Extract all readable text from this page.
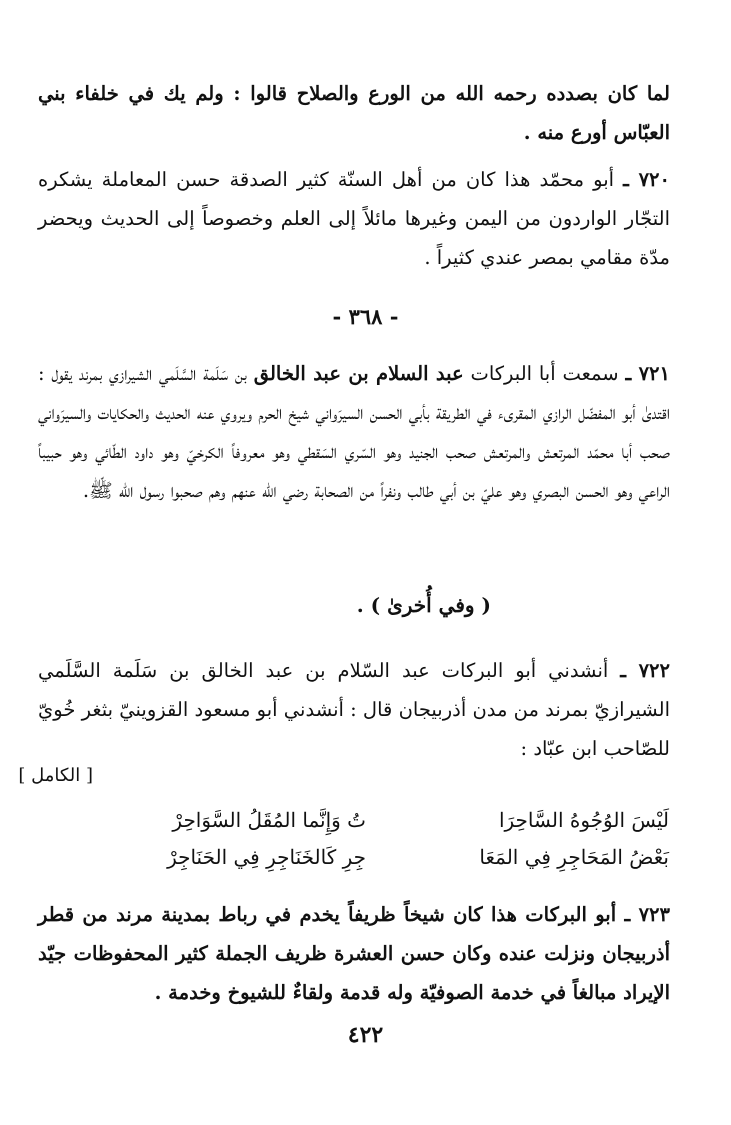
لما كان بصدده رحمه الله من الورع والصلاح قالوا : ولم يك في خلفاء بني العبّاس أورع منه .

٧٢٠ ـ أبو محمّد هذا كان من أهل السنّة كثير الصدقة حسن المعاملة يشكره التجّار الواردون من اليمن وغيرها مائلاً إلى العلم وخصوصاً إلى الحديث ويحضر مدّة مقامي بمصر عندي كثيراً .

- ٣٦٨ -

٧٢١ ـ سمعت أبا البركات عبد السلام بن عبد الخالق بن سَلَمة السَّلَمي الشيرازي بمرند يقول : اقتدىٰ أبو المفضّل الرازي المقرىء في الطريقة بأبي الحسن السيرَواني شيخ الحرم ويروي عنه الحديث والحكايات والسيرَواني صحب أبا محمّد المرتعش والمرتعش صحب الجنيد وهو السّري السَقطي وهو معروفاً الكرخيّ وهو داود الطّائي وهو حبيباً الراعي وهو الحسن البصري وهو عليّ بن أبي طالب ونفراً من الصحابة رضي الله عنهم وهم صحبوا رسول الله ﷺ.

( وفي أُخرىٰ ) .

٧٢٢ ـ أنشدني أبو البركات عبد السّلام بن عبد الخالق بن سَلَمة السَّلَمي الشيرازيّ بمرند من مدن أذربيجان قال : أنشدني أبو مسعود القزوينيّ بثغر خُويّ للصّاحب ابن عبّاد :

[ الكامل ]
لَيْسَ الوُجُوهُ السَّاحِرَا
تُ وَإِنَّما المُقَلُ السَّوَاحِرْ
بَعْضُ المَحَاجِرِ فِي المَعَا
جِرِ كَالخَنَاجِرِ فِي الحَنَاجِرْ

٧٢٣ ـ أبو البركات هذا كان شيخاً ظريفاً يخدم في رباط بمدينة مرند من قطر أذربيجان ونزلت عنده وكان حسن العشرة ظريف الجملة كثير المحفوظات جيّد الإيراد مبالغاً في خدمة الصوفيّة وله قدمة ولقاءٌ للشيوخ وخدمة .

٤٢٢
